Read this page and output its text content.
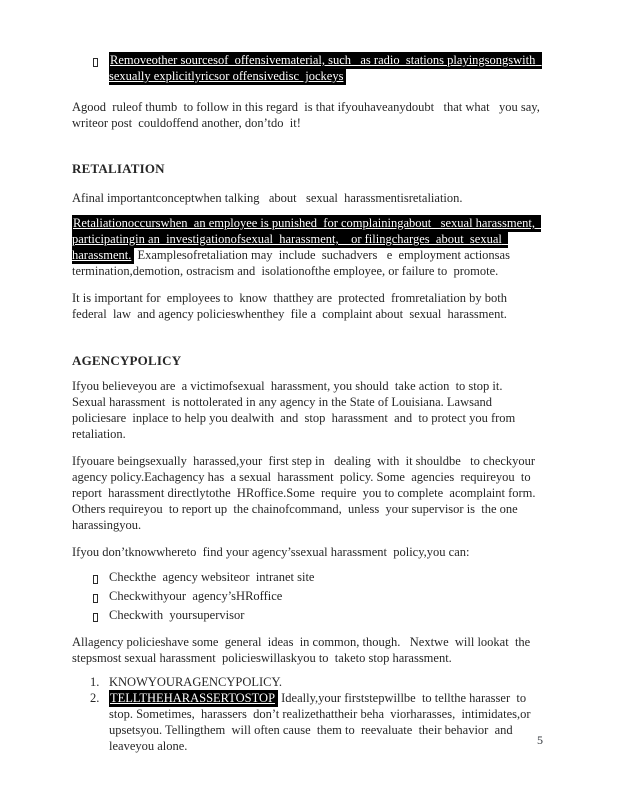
Removeother sourcesof  offensivematerial, such   as radio  stations playingsongswith  sexually explicitlyricsor offensivedisc  jockeys

Agood  ruleof thumb  to follow in this regard  is that ifyouhaveanydoubt   that what   you say, writeor post  couldoffend another, don’tdo  it!

RETALIATION

Afinal importantconceptwhen talking   about   sexual  harassmentisretaliation.

Retaliationoccurswhen  an employee is punished  for complainingabout   sexual harassment,  participatingin an  investigationofsexual  harassment,    or filingcharges  about  sexual  harassment. Examplesofretaliation may  include  suchadvers   e  employment actionsas  termination,demotion, ostracism and  isolationofthe employee, or failure to  promote.

It is important for  employees to  know  thatthey are  protected  fromretaliation by both  federal  law  and agency policieswhenthey  file a  complaint about  sexual  harassment.

AGENCYPOLICY

Ifyou believeyou are  a victimofsexual  harassment, you should  take action  to stop it.   Sexual harassment  is nottolerated in any agency in the State of Louisiana. Lawsand  policiesare  inplace to help you dealwith  and  stop  harassment  and  to protect you from retaliation.

Ifyouare beingsexually  harassed,your  first step in   dealing  with  it shouldbe   to checkyour agency policy.Eachagency has  a sexual  harassment  policy. Some  agencies  requireyou  to report  harassment directlytothe  HRoffice.Some  require  you to complete  acomplaint form.   Others requireyou  to report up  the chainofcommand,  unless  your supervisor is  the one  harassingyou.

Ifyou don’tknowwhereto  find your agency’ssexual harassment  policy,you can:

Checkthe  agency websiteor  intranet site
Checkwithyour  agency’sHRoffice
Checkwith  yoursupervisor

Allagency policieshave some  general  ideas  in common, though.   Nextwe  will lookat  the stepsmost sexual harassment  policieswillaskyou to  taketo stop harassment.

1. KNOWYOURAGENCYPOLICY.
2. TELLTHEHARASSERTOSTOP Ideally,your firststepwillbe  to tellthe harasser  to stop. Sometimes,  harassers  don’t realizethattheir beha  viorharasses,  intimidates,or upsetsyou. Tellingthem  will often cause  them to  reevaluate  their behavior  and  leaveyou alone.	5
